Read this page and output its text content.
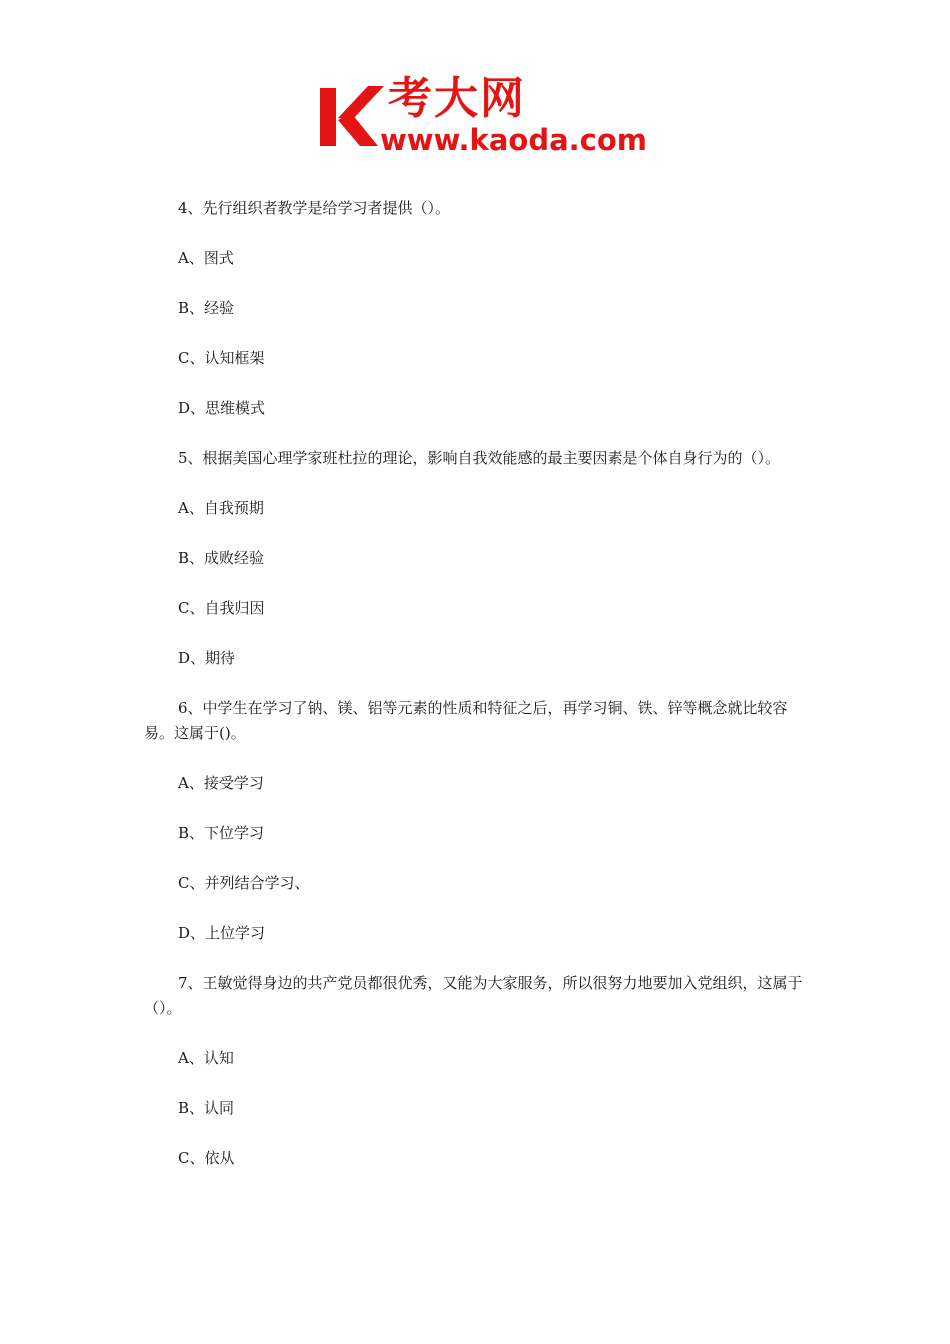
考大网
www.kaoda.com

4、先行组织者教学是给学习者提供（）。

A、图式

B、经验

C、认知框架

D、思维模式

5、根据美国心理学家班杜拉的理论，影响自我效能感的最主要因素是个体自身行为的（）。

A、自我预期

B、成败经验

C、自我归因

D、期待

6、中学生在学习了钠、镁、铝等元素的性质和特征之后，再学习铜、铁、锌等概念就比较容易。这属于()。

A、接受学习

B、下位学习

C、并列结合学习、

D、上位学习

7、王敏觉得身边的共产党员都很优秀，又能为大家服务，所以很努力地要加入党组织，这属于（）。

A、认知

B、认同

C、依从
